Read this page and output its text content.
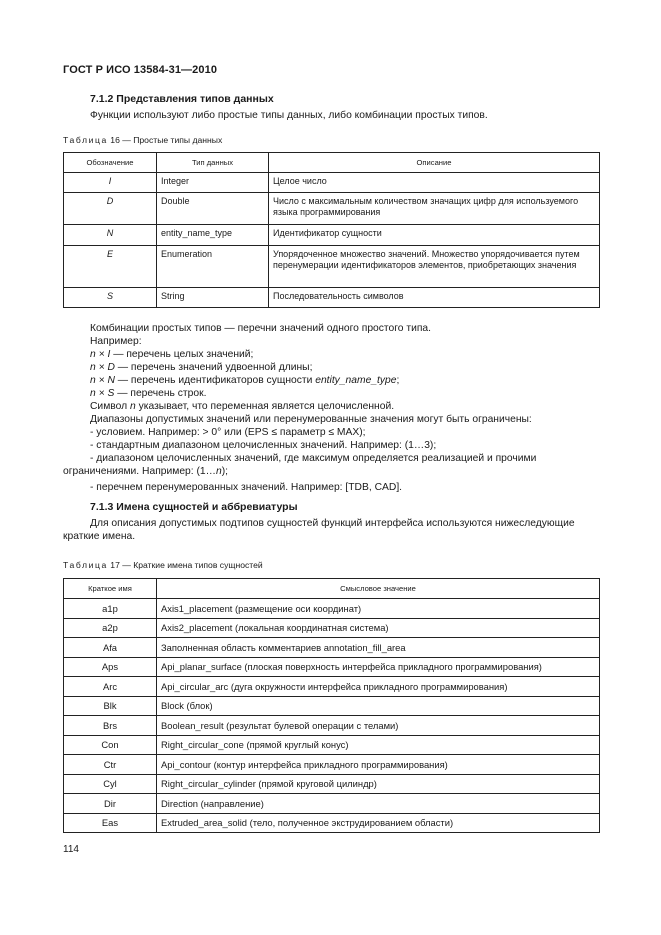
ГОСТ Р ИСО 13584-31—2010
7.1.2 Представления типов данных
Функции используют либо простые типы данных, либо комбинации простых типов.
Таблица 16 — Простые типы данных
Обозначение	Тип данных	Описание
I	Integer	Целое число
D	Double	Число с максимальным количеством значащих цифр для используемого языка программирования
N	entity_name_type	Идентификатор сущности
E	Enumeration	Упорядоченное множество значений. Множество упорядочивается путем перенумерации идентификаторов элементов, приобретающих значения
S	String	Последовательность символов
Комбинации простых типов — перечни значений одного простого типа.
Например:
n × I — перечень целых значений;
n × D — перечень значений удвоенной длины;
n × N — перечень идентификаторов сущности entity_name_type;
n × S — перечень строк.
Символ n указывает, что переменная является целочисленной.
Диапазоны допустимых значений или перенумерованные значения могут быть ограничены:
- условием. Например: > 0° или (EPS ≤ параметр ≤ MAX);
- стандартным диапазоном целочисленных значений. Например: (1…3);
- диапазоном целочисленных значений, где максимум определяется реализацией и прочими ограничениями. Например: (1…n);
- перечнем перенумерованных значений. Например: [TDB, CAD].
7.1.3 Имена сущностей и аббревиатуры
Для описания допустимых подтипов сущностей функций интерфейса используются нижеследующие краткие имена.
Таблица 17 — Краткие имена типов сущностей
Краткое имя	Смысловое значение
a1p	Axis1_placement (размещение оси координат)
a2p	Axis2_placement (локальная координатная система)
Afa	Заполненная область комментариев annotation_fill_area
Aps	Api_planar_surface (плоская поверхность интерфейса прикладного программирования)
Arc	Api_circular_arc (дуга окружности интерфейса прикладного программирования)
Blk	Block (блок)
Brs	Boolean_result (результат булевой операции с телами)
Con	Right_circular_cone (прямой круглый конус)
Ctr	Api_contour (контур интерфейса прикладного программирования)
Cyl	Right_circular_cylinder (прямой круговой цилиндр)
Dir	Direction (направление)
Eas	Extruded_area_solid (тело, полученное экструдированием области)
114
